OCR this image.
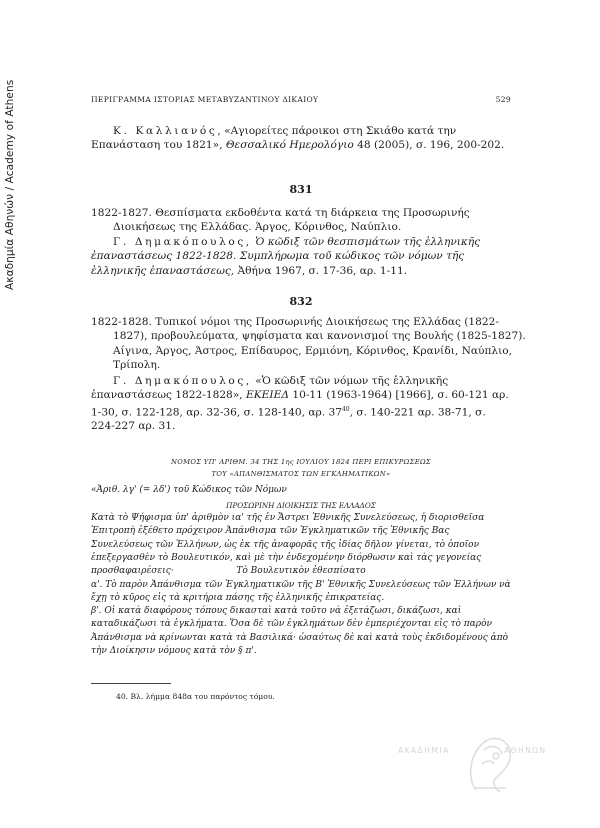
Ακαδημία Αθηνών / Academy of Athens	ΠΕΡΙΓΡΑΜΜΑ ΙΣΤΟΡΙΑΣ ΜΕΤΑΒΥΖΑΝΤΙΝΟΥ ΔΙΚΑΙΟΥ	529
Κ. Καλλιανός, «Αγιορείτες πάροικοι στη Σκιάθο κατά την Επανάσταση του 1821», Θεσσαλικό Ημερολόγιο 48 (2005), σ. 196, 200-202.
831
1822-1827. Θεσπίσματα εκδοθέντα κατά τη διάρκεια της Προσωρινής Διοικήσεως της Ελλάδας. Άργος, Κόρινθος, Ναύπλιο.
Γ. Δημακόπουλος, Ὁ κῶδιξ τῶν θεσπισμάτων τῆς ἑλληνικῆς ἐπαναστάσεως 1822-1828. Συμπλήρωμα τοῦ κώδικος τῶν νόμων τῆς ἑλληνικῆς ἐπαναστάσεως, Ἀθήνα 1967, σ. 17-36, αρ. 1-11.
832
1822-1828. Τυπικοί νόμοι της Προσωρινής Διοικήσεως της Ελλάδας (1822-1827), προβουλεύματα, ψηφίσματα και κανονισμοί της Βουλής (1825-1827). Αίγινα, Άργος, Άστρος, Επίδαυρος, Ερμιόνη, Κόρινθος, Κρανίδι, Ναύπλιο, Τρίπολη.
Γ. Δημακόπουλος, «Ὁ κῶδιξ τῶν νόμων τῆς ἑλληνικῆς ἐπαναστάσεως 1822-1828», ΕΚΕΙΕΔ 10-11 (1963-1964) [1966], σ. 60-121 αρ. 1-30, σ. 122-128, αρ. 32-36, σ. 128-140, αρ. $37^{40}$, σ. 140-221 αρ. 38-71, σ. 224-227 αρ. 31.
ΝΟΜΟΣ ΥΠ' ΑΡΙΘΜ. 34 ΤΗΣ 1ης ΙΟΥΛΙΟΥ 1824 ΠΕΡΙ ΕΠΙΚΥΡΩΣΕΩΣ
ΤΟΥ «ΑΠΑΝΘΙΣΜΑΤΟΣ ΤΩΝ ΕΓΚΛΗΜΑΤΙΚΩΝ»
«Ἀριθ. λγ' (= λδ') τοῦ Κώδικος τῶν Νόμων
ΠΡΟΣΩΡΙΝΗ ΔΙΟΙΚΗΣΙΣ ΤΗΣ ΕΛΛΑΔΟΣ
Κατὰ τὸ Ψήφισμα ὑπ' ἀριθμὸν ια' τῆς ἐν Ἄστρει Ἐθνικῆς Συνελεύσεως, ἡ διορισθεῖσα Ἐπιτροπὴ ἐξέθετο πρόχειρον Ἀπάνθισμα τῶν Ἐγκληματικῶν τῆς Ἐθνικῆς Βας Συνελεύσεως τῶν Ἑλλήνων, ὡς ἐκ τῆς ἀναφορᾶς τῆς ἰδίας δῆλον γίνεται, τὸ ὁποῖον ἐπεξεργασθὲν τὸ Βουλευτικόν, καὶ μὲ τὴν ἐνδεχομένην διόρθωσιν καὶ τὰς γεγονείας προσθαφαιρέσεις·	Τὸ Βουλευτικὸν ἐθεσπίσατο
α'. Τὸ παρὸν Ἀπάνθισμα τῶν Ἐγκληματικῶν τῆς Β' Ἐθνικῆς Συνελεύσεως τῶν Ἑλλήνων νὰ ἔχῃ τὸ κῦρος εἰς τὰ κριτήρια πάσης τῆς ἑλληνικῆς ἐπικρατείας.
β'. Οἱ κατὰ διαφόρους τόπους δικασταὶ κατὰ τοῦτο νὰ ἐξετάζωσι, δικάζωσι, καὶ καταδικάζωσι τὰ ἐγκλήματα. Ὅσα δὲ τῶν ἐγκλημάτων δὲν ἐμπεριέχονται εἰς τὸ παρὸν Ἀπάνθισμα νὰ κρίνωνται κατὰ τὰ Βασιλικά· ὡσαύτως δὲ καὶ κατὰ τοὺς ἐκδιδομένους ἀπὸ τὴν Διοίκησιν νόμους κατὰ τὸν § π'.
40. Βλ. λήμμα 848α του παρόντος τόμου.
ΑΚΑΔΗΜΙΑ	ΑΘΗΝΩΝ
